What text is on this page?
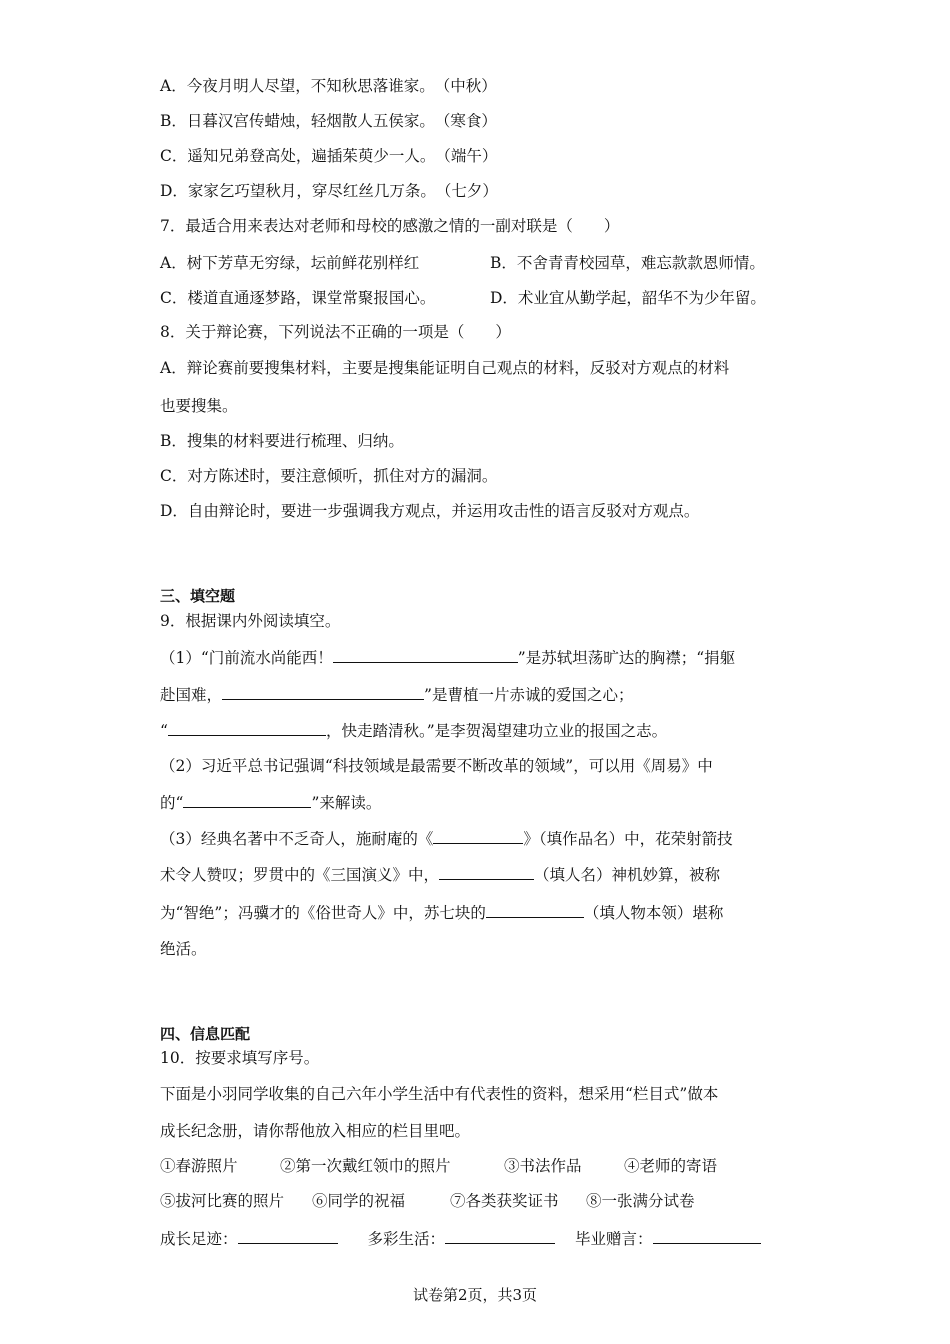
A．今夜月明人尽望，不知秋思落谁家。　（中秋）
B．日暮汉宫传蜡烛，轻烟散人五侯家。　（寒食）
C．遥知兄弟登高处，遍插茱萸少一人。　（端午）
D．家家乞巧望秋月，穿尽红丝几万条。　（七夕）
7．最适合用来表达对老师和母校的感激之情的一副对联是（　　）
A．树下芳草无穷绿，坛前鲜花别样红	B．不舍青青校园草，难忘款款恩师情。
C．楼道直通逐梦路，课堂常聚报国心。	D．术业宜从勤学起，韶华不为少年留。
8．关于辩论赛，下列说法不正确的一项是（　　）
A．辩论赛前要搜集材料，主要是搜集能证明自己观点的材料，反驳对方观点的材料
也要搜集。
B．搜集的材料要进行梳理、归纳。
C．对方陈述时，要注意倾听，抓住对方的漏洞。
D．自由辩论时，要进一步强调我方观点，并运用攻击性的语言反驳对方观点。
三、填空题
9．根据课内外阅读填空。
（1）“门前流水尚能西！	”是苏轼坦荡旷达的胸襟；“捐躯
赴国难，	”是曹植一片赤诚的爱国之心；
“	，快走踏清秋。”是李贺渴望建功立业的报国之志。
（2）习近平总书记强调“科技领域是最需要不断改革的领域”，可以用《周易》中
的“	”来解读。
（3）经典名著中不乏奇人，施耐庵的《	》（填作品名）中，花荣射箭技
术令人赞叹；罗贯中的《三国演义》中，	（填人名）神机妙算，被称
为“智绝”；冯骥才的《俗世奇人》中，苏七块的	（填人物本领）堪称
绝活。
四、信息匹配
10．按要求填写序号。
下面是小羽同学收集的自己六年小学生活中有代表性的资料，想采用“栏目式”做本
成长纪念册，请你帮他放入相应的栏目里吧。
①春游照片	②第一次戴红领巾的照片	③书法作品	④老师的寄语
⑤拔河比赛的照片 ⑥同学的祝福	⑦各类获奖证书 ⑧一张满分试卷
成长足迹：	多彩生活：	毕业赠言：
试卷第2页，共3页
